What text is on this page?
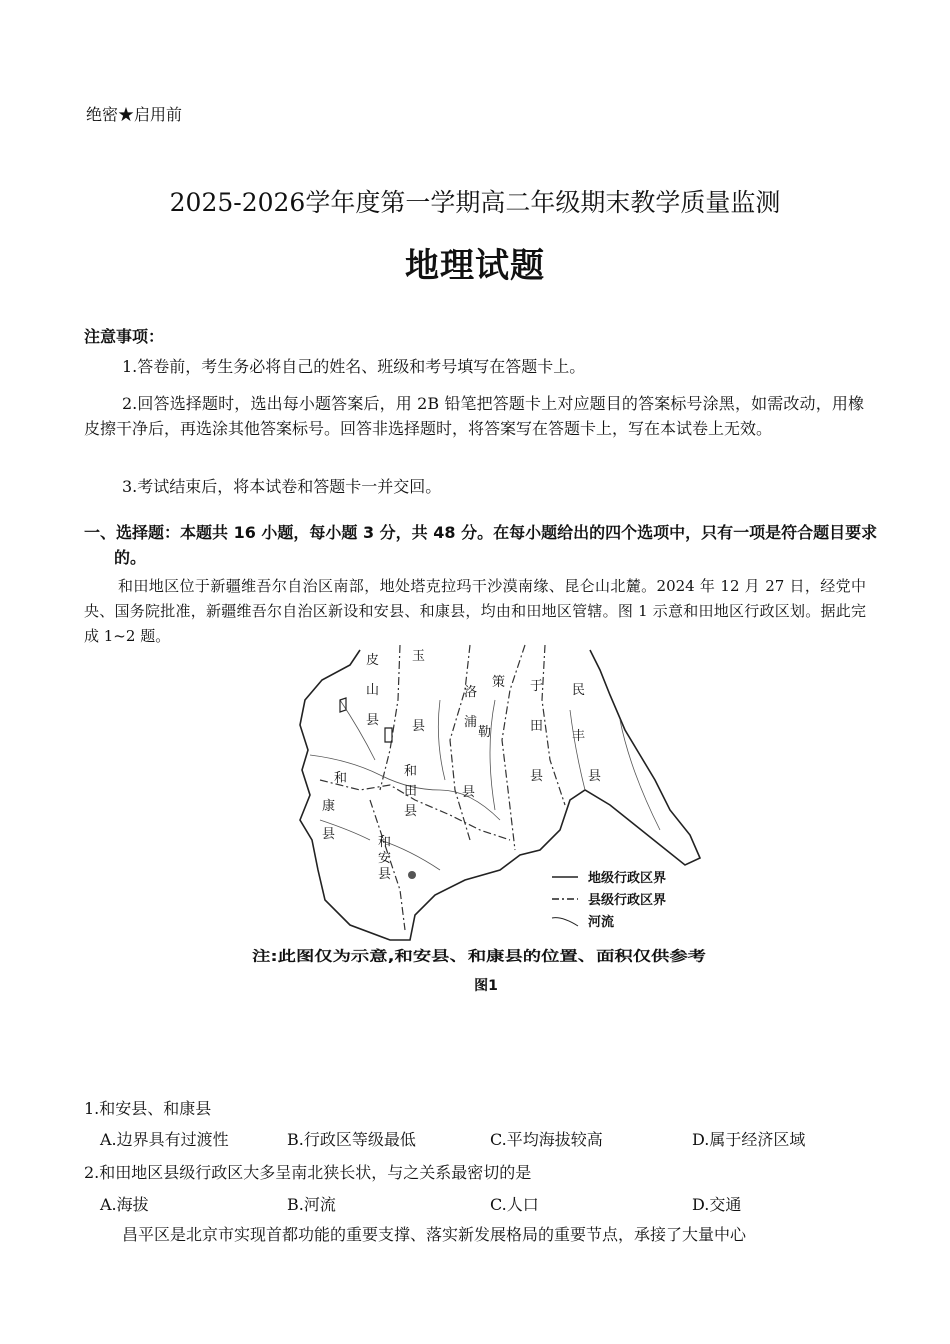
绝密★启用前
2025-2026学年度第一学期高二年级期末教学质量监测
地理试题
注意事项：
1.答卷前，考生务必将自己的姓名、班级和考号填写在答题卡上。
2.回答选择题时，选出每小题答案后，用 2B 铅笔把答题卡上对应题目的答案标号涂黑，如需改动，用橡皮擦干净后，再选涂其他答案标号。回答非选择题时，将答案写在答题卡上，写在本试卷上无效。
3.考试结束后，将本试卷和答题卡一并交回。
一、选择题：本题共 16 小题，每小题 3 分，共 48 分。在每小题给出的四个选项中，只有一项是符合题目要求的。
和田地区位于新疆维吾尔自治区南部，地处塔克拉玛干沙漠南缘、昆仑山北麓。2024 年 12 月 27 日，经党中央、国务院批准，新疆维吾尔自治区新设和安县、和康县，均由和田地区管辖。图 1 示意和田地区行政区划。据此完成 1~2 题。
皮
山
县
玉
县
洛
浦
策
勒
县
于
田
县
民
丰
县
和
康
县
和
田
县
和
安
县	地级行政区界
县级行政区界
河流
注:此图仅为示意,和安县、和康县的位置、面积仅供参考
图1
1.和安县、和康县
A.边界具有过渡性	B.行政区等级最低	C.平均海拔较高	D.属于经济区域
2.和田地区县级行政区大多呈南北狭长状，与之关系最密切的是
A.海拔	B.河流	C.人口	D.交通
昌平区是北京市实现首都功能的重要支撑、落实新发展格局的重要节点，承接了大量中心
